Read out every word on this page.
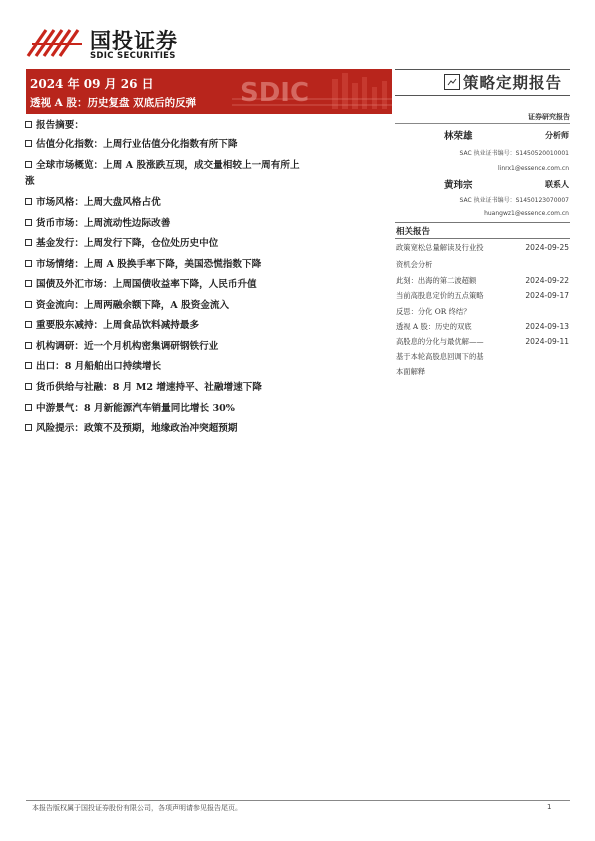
国投证券
SDIC SECURITIES
SDIC
2024 年 09 月 26 日
透视 A 股：历史复盘 双底后的反弹
策略定期报告
证券研究报告
林荣雄	分析师
SAC 执业证书编号：S1450520010001
linrx1@essence.com.cn
黄玮宗	联系人
SAC 执业证书编号：S1450123070007
huangwz1@essence.com.cn
相关报告
政策宽松总量解读及行业投	2024-09-25
资机会分析
此刻：出海的第二波超额	2024-09-22
当前高股息定价的五点策略	2024-09-17
反思：分化 OR 终结？
透视 A 股：历史的双底	2024-09-13
高股息的分化与最优解——	2024-09-11
基于本轮高股息回调下的基
本面解释
报告摘要：
估值分化指数：上周行业估值分化指数有所下降
全球市场概览：上周 A 股涨跌互现，成交量相较上一周有所上
涨
市场风格：上周大盘风格占优
货币市场：上周流动性边际改善
基金发行：上周发行下降，仓位处历史中位
市场情绪：上周 A 股换手率下降，美国恐慌指数下降
国债及外汇市场：上周国债收益率下降，人民币升值
资金流向：上周两融余额下降，A 股资金流入
重要股东减持：上周食品饮料减持最多
机构调研：近一个月机构密集调研钢铁行业
出口：8 月船舶出口持续增长
货币供给与社融：8 月 M2 增速持平、社融增速下降
中游景气：8 月新能源汽车销量同比增长 30%
风险提示：政策不及预期，地缘政治冲突超预期
本报告版权属于国投证券股份有限公司，各项声明请参见报告尾页。	1
